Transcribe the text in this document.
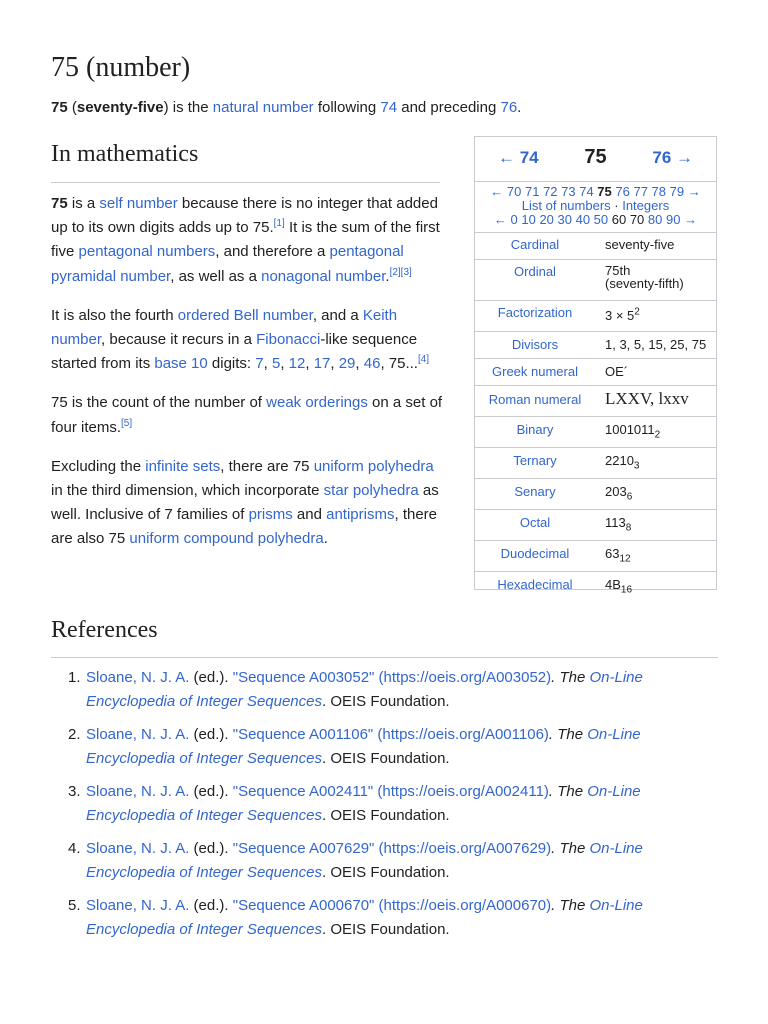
75 (number)

75 (seventy-five) is the natural number following 74 and preceding 76.

In mathematics

75 is a self number because there is no integer that added up to its own digits adds up to 75.[1] It is the sum of the first five pentagonal numbers, and therefore a pentagonal pyramidal number, as well as a nonagonal number.[2][3]

It is also the fourth ordered Bell number, and a Keith number, because it recurs in a Fibonacci-like sequence started from its base 10 digits: 7, 5, 12, 17, 29, 46, 75...[4]

75 is the count of the number of weak orderings on a set of four items.[5]

Excluding the infinite sets, there are 75 uniform polyhedra in the third dimension, which incorporate star polyhedra as well. Inclusive of 7 families of prisms and antiprisms, there are also 75 uniform compound polyhedra.

← 74	75	76 →
← 70 71 72 73 74 75 76 77 78 79 →
List of numbers · Integers
← 0 10 20 30 40 50 60 70 80 90 →
Cardinal	seventy-five
Ordinal	75th
(seventy-fifth)
Factorization	$3 \times 5^2$
Divisors	1, 3, 5, 15, 25, 75
Greek numeral	ΟΕ´
Roman numeral	LXXV, lxxv
Binary	$1001011_2$
Ternary	$2210_3$
Senary	$203_6$
Octal	$113_8$
Duodecimal	$63_{12}$
Hexadecimal	$4B_{16}$
References
1. Sloane, N. J. A. (ed.). "Sequence A003052" (https://oeis.org/A003052). The On-Line Encyclopedia of Integer Sequences. OEIS Foundation.
2. Sloane, N. J. A. (ed.). "Sequence A001106" (https://oeis.org/A001106). The On-Line Encyclopedia of Integer Sequences. OEIS Foundation.
3. Sloane, N. J. A. (ed.). "Sequence A002411" (https://oeis.org/A002411). The On-Line Encyclopedia of Integer Sequences. OEIS Foundation.
4. Sloane, N. J. A. (ed.). "Sequence A007629" (https://oeis.org/A007629). The On-Line Encyclopedia of Integer Sequences. OEIS Foundation.
5. Sloane, N. J. A. (ed.). "Sequence A000670" (https://oeis.org/A000670). The On-Line Encyclopedia of Integer Sequences. OEIS Foundation.
